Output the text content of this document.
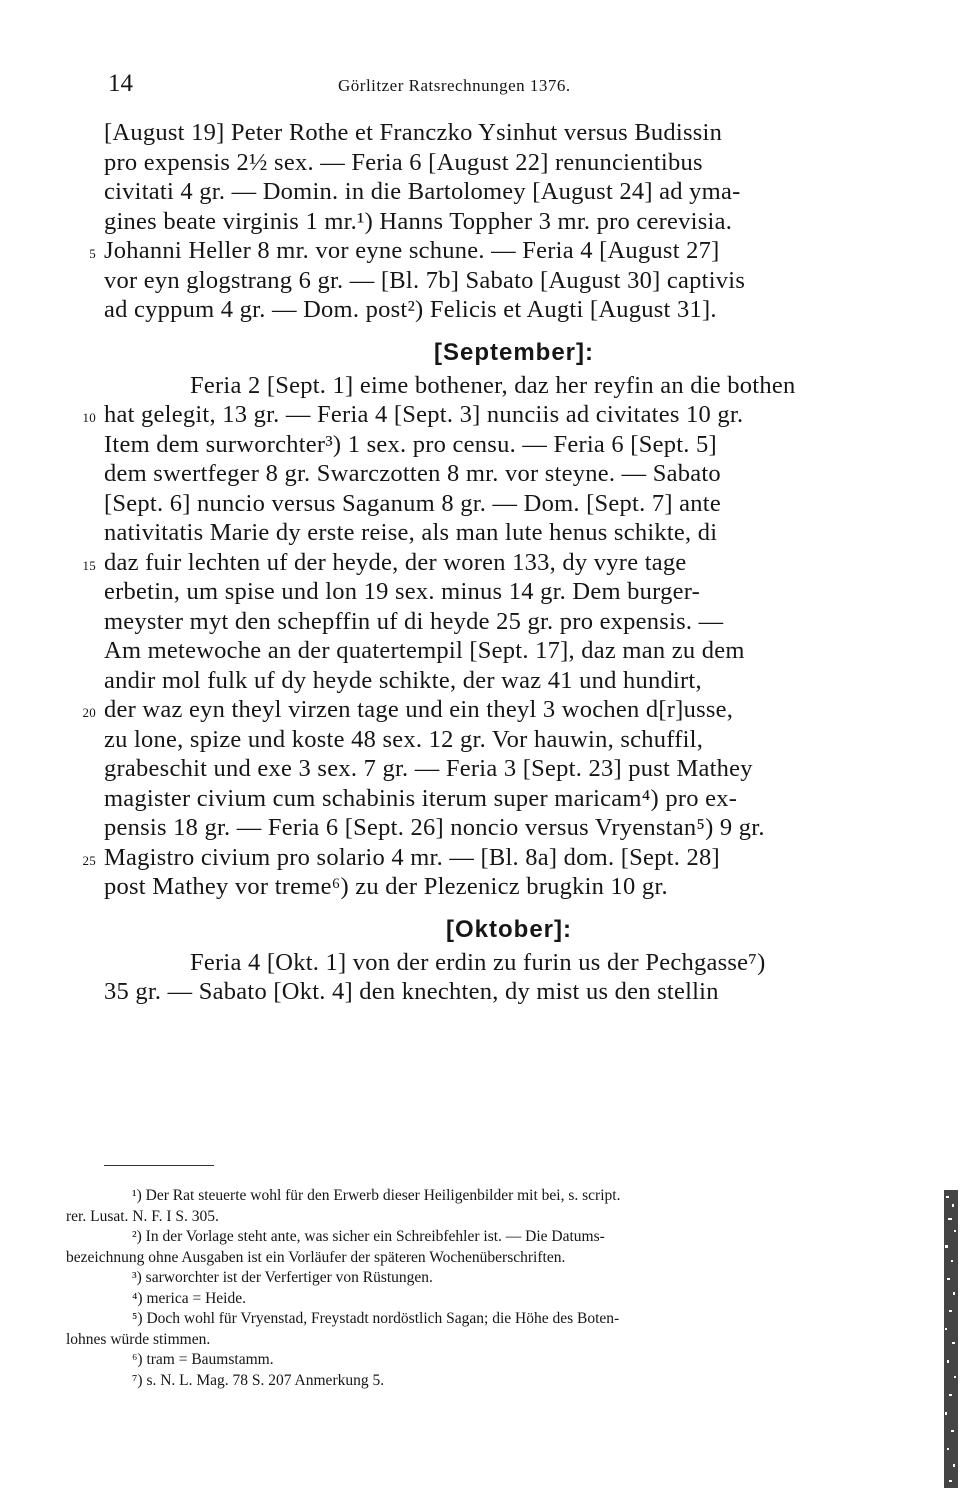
14	Görlitzer Ratsrechnungen 1376.
[August 19] Peter Rothe et Franczko Ysinhut versus Budissin
pro expensis 2½ sex. — Feria 6 [August 22] renuncientibus
civitati 4 gr. — Domin. in die Bartolomey [August 24] ad yma-
gines beate virginis 1 mr.¹) Hanns Toppher 3 mr. pro cerevisia.
5 Johanni Heller 8 mr. vor eyne schune. — Feria 4 [August 27]
vor eyn glogstrang 6 gr. — [Bl. 7b] Sabato [August 30] captivis
ad cyppum 4 gr. — Dom. post²) Felicis et Augti [August 31].
[September]:
Feria 2 [Sept. 1] eime bothener, daz her reyfin an die bothen
10 hat gelegit, 13 gr. — Feria 4 [Sept. 3] nunciis ad civitates 10 gr.
Item dem surworchter³) 1 sex. pro censu. — Feria 6 [Sept. 5]
dem swertfeger 8 gr. Swarczotten 8 mr. vor steyne. — Sabato
[Sept. 6] nuncio versus Saganum 8 gr. — Dom. [Sept. 7] ante
nativitatis Marie dy erste reise, als man lute henus schikte, di
15 daz fuir lechten uf der heyde, der woren 133, dy vyre tage
erbetin, um spise und lon 19 sex. minus 14 gr. Dem burger-
meyster myt den schepffin uf di heyde 25 gr. pro expensis. —
Am metewoche an der quatertempil [Sept. 17], daz man zu dem
andir mol fulk uf dy heyde schikte, der waz 41 und hundirt,
20 der waz eyn theyl virzen tage und ein theyl 3 wochen d[r]usse,
zu lone, spize und koste 48 sex. 12 gr. Vor hauwin, schuffil,
grabeschit und exe 3 sex. 7 gr. — Feria 3 [Sept. 23] pust Mathey
magister civium cum schabinis iterum super maricam⁴) pro ex-
pensis 18 gr. — Feria 6 [Sept. 26] noncio versus Vryenstan⁵) 9 gr.
25 Magistro civium pro solario 4 mr. — [Bl. 8a] dom. [Sept. 28]
post Mathey vor treme⁶) zu der Plezenicz brugkin 10 gr.
[Oktober]:
Feria 4 [Okt. 1] von der erdin zu furin us der Pechgasse⁷)
35 gr. — Sabato [Okt. 4] den knechten, dy mist us den stellin
¹) Der Rat steuerte wohl für den Erwerb dieser Heiligenbilder mit bei, s. script.
rer. Lusat. N. F. I S. 305.
²) In der Vorlage steht ante, was sicher ein Schreibfehler ist. — Die Datums-
bezeichnung ohne Ausgaben ist ein Vorläufer der späteren Wochenüberschriften.
³) sarworchter ist der Verfertiger von Rüstungen.
⁴) merica = Heide.
⁵) Doch wohl für Vryenstad, Freystadt nordöstlich Sagan; die Höhe des Boten-
lohnes würde stimmen.
⁶) tram = Baumstamm.
⁷) s. N. L. Mag. 78 S. 207 Anmerkung 5.
